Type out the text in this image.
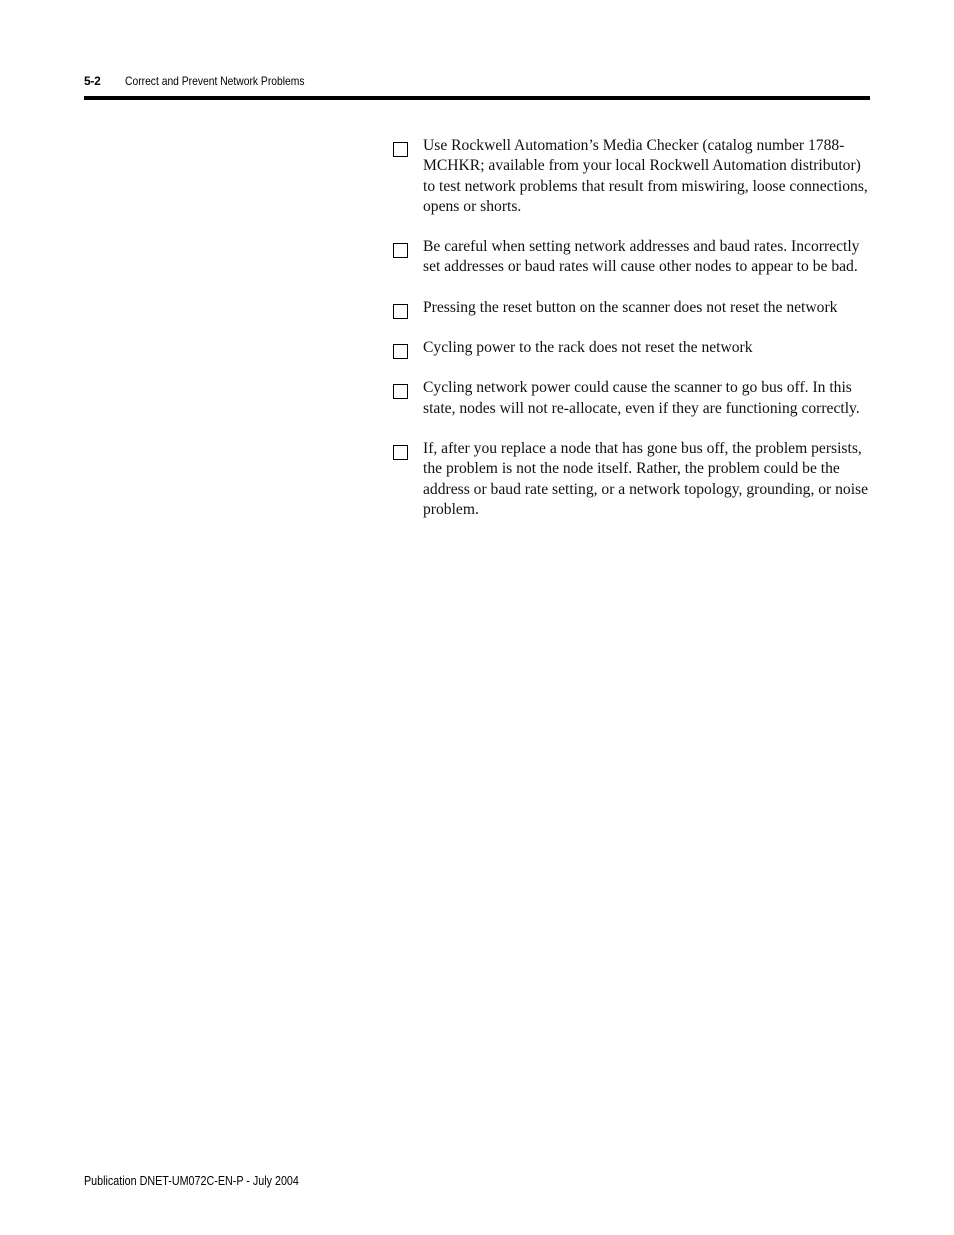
5-2 Correct and Prevent Network Problems
Use Rockwell Automation’s Media Checker (catalog number 1788-MCHKR; available from your local Rockwell Automation distributor) to test network problems that result from miswiring, loose connections, opens or shorts.
Be careful when setting network addresses and baud rates. Incorrectly set addresses or baud rates will cause other nodes to appear to be bad.
Pressing the reset button on the scanner does not reset the network
Cycling power to the rack does not reset the network
Cycling network power could cause the scanner to go bus off. In this state, nodes will not re-allocate, even if they are functioning correctly.
If, after you replace a node that has gone bus off, the problem persists, the problem is not the node itself. Rather, the problem could be the address or baud rate setting, or a network topology, grounding, or noise problem.
Publication DNET-UM072C-EN-P - July 2004
